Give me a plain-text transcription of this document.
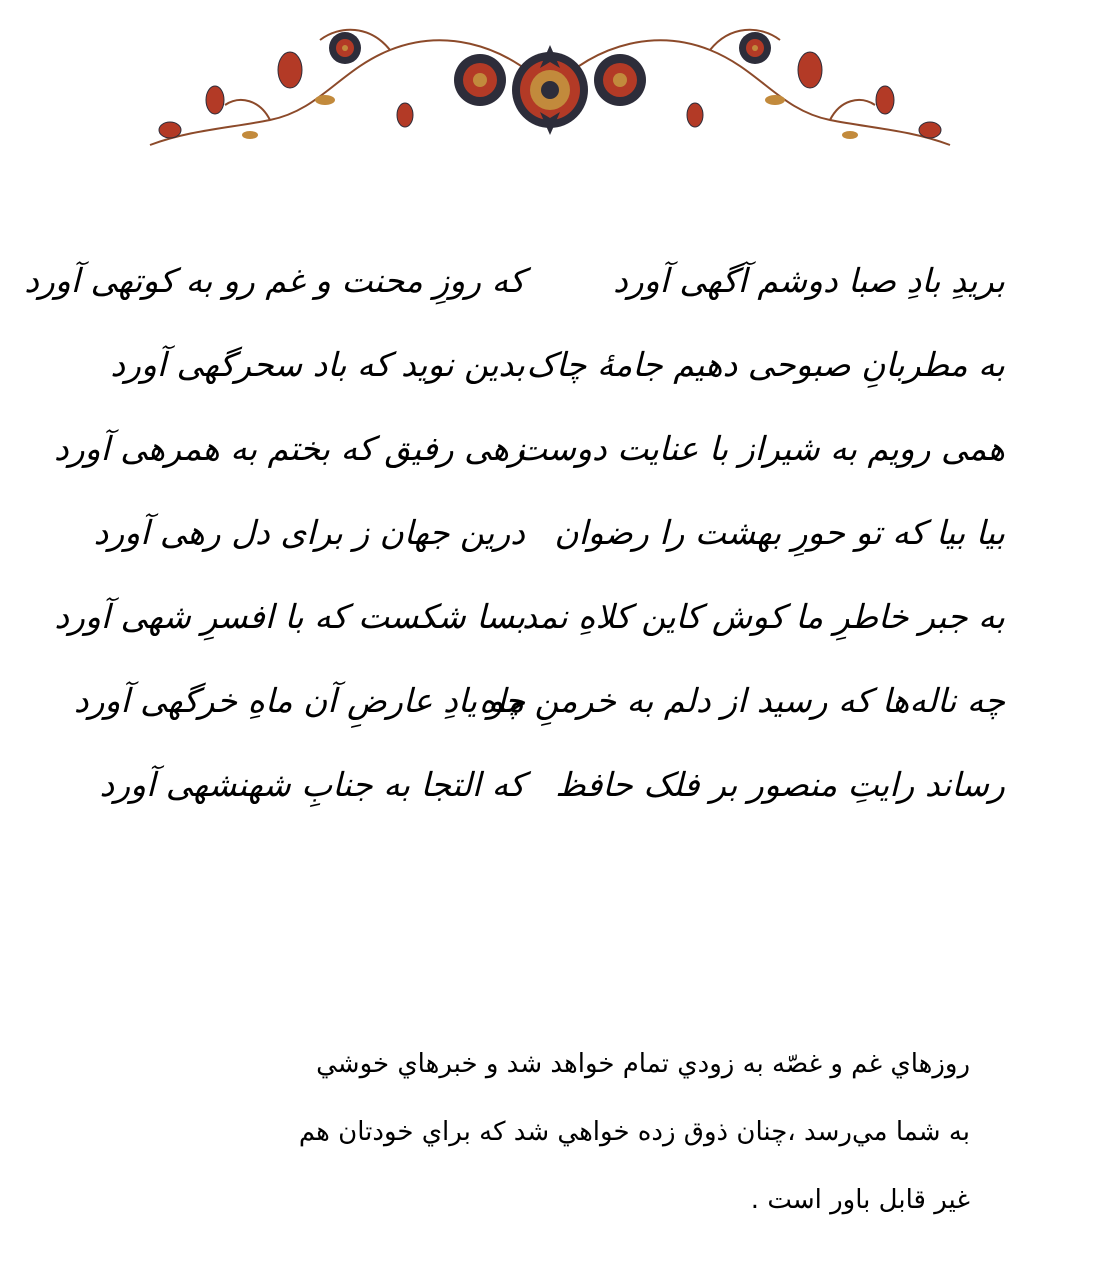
بریدِ بادِ صبا دوشم آگهی آورد
که روزِ محنت و غم رو به کوتهی آورد
به مطربانِ صبوحی دهیم جامهٔ چاک
بدین نوید که باد سحرگهی آورد
همی رویم به شیراز با عنایت دوست
زهی رفیق که بختم به همرهی آورد
بیا بیا که تو حورِ بهشت را رضوان
درین جهان ز برای دل رهی آورد
به جبر خاطرِ ما کوش کاین کلاهِ نمد
بسا شکست که با افسرِ شهی آورد
چه ناله‌ها که رسید از دلم به خرمنِ ماه
چو یادِ عارضِ آن ماهِ خرگهی آورد
رساند رایتِ منصور بر فلک حافظ
که التجا به جنابِ شهنشهی آورد

روزهاي غم و غصّه به زودي تمام خواهد شد و خبرهاي خوشي

به شما مي‌رسد ،چنان ذوق زده خواهي شد كه براي خودتان هم

غير قابل باور است .
